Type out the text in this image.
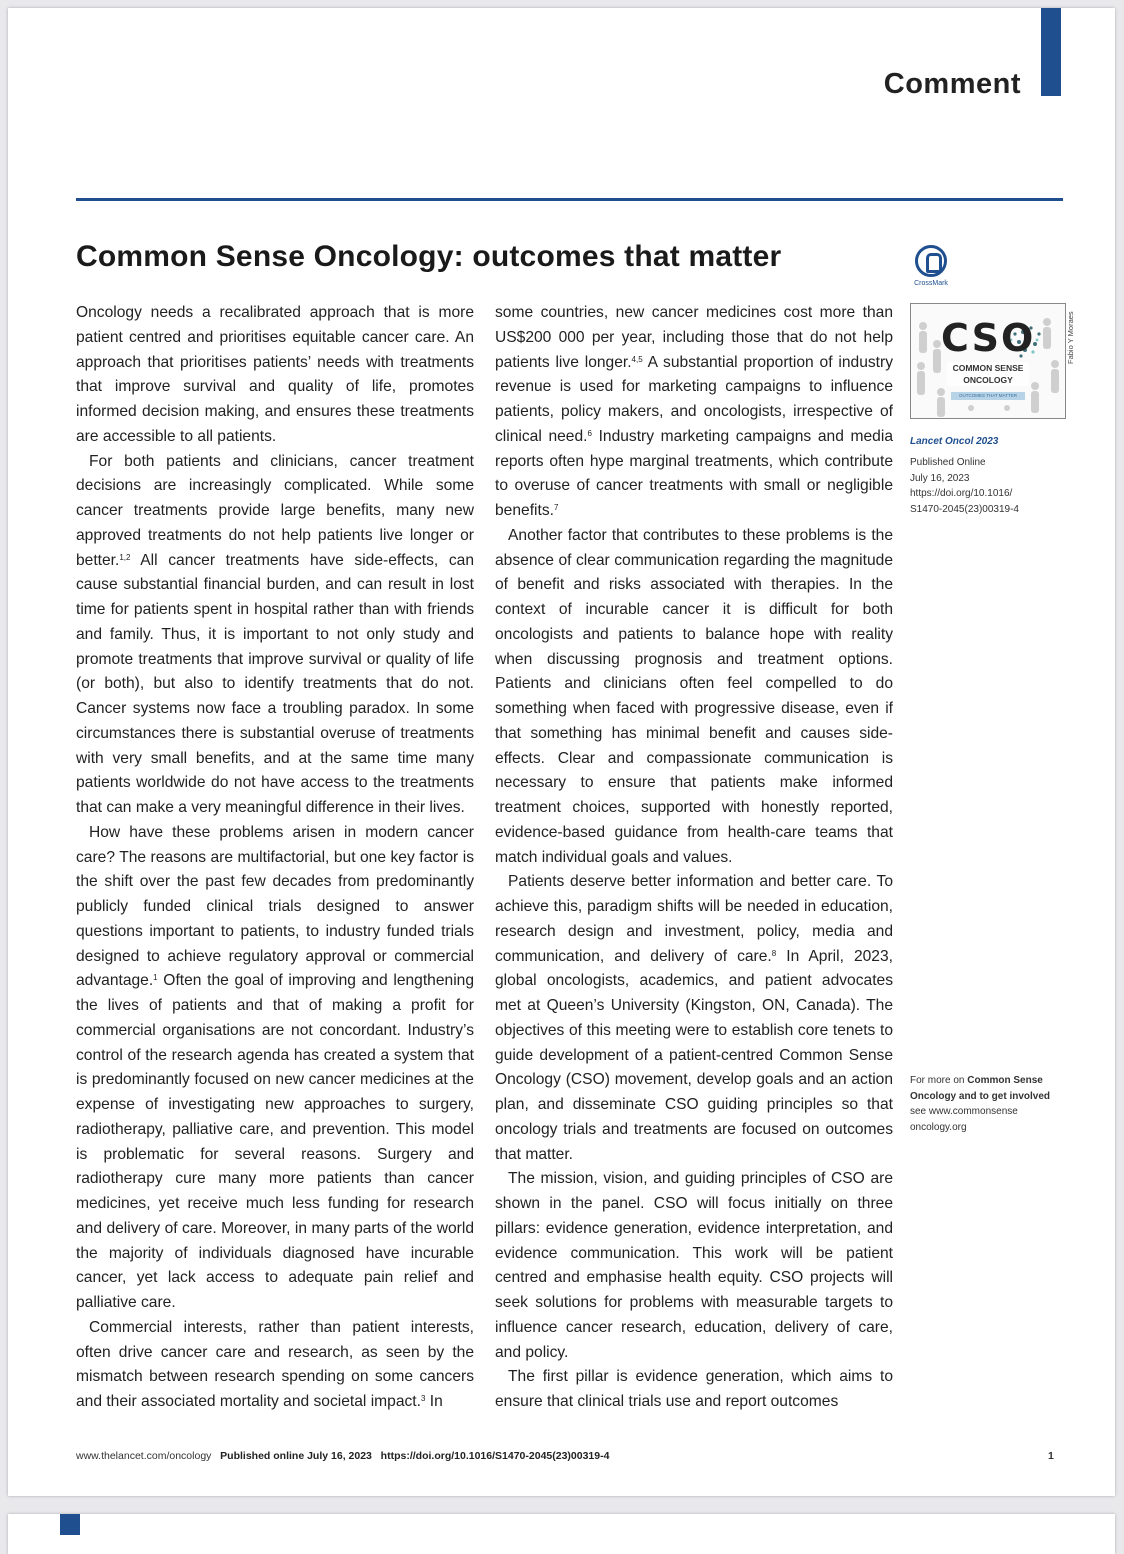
Comment
Common Sense Oncology: outcomes that matter

Oncology needs a recalibrated approach that is more patient centred and prioritises equitable cancer care. An approach that prioritises patients’ needs with treatments that improve survival and quality of life, promotes informed decision making, and ensures these treatments are accessible to all patients.

For both patients and clinicians, cancer treatment decisions are increasingly complicated. While some cancer treatments provide large benefits, many new approved treatments do not help patients live longer or better.$^{1,2}$ All cancer treatments have side-effects, can cause substantial financial burden, and can result in lost time for patients spent in hospital rather than with friends and family. Thus, it is important to not only study and promote treatments that improve survival or quality of life (or both), but also to identify treatments that do not. Cancer systems now face a troubling paradox. In some circumstances there is substantial overuse of treatments with very small benefits, and at the same time many patients worldwide do not have access to the treatments that can make a very meaningful difference in their lives.

How have these problems arisen in modern cancer care? The reasons are multifactorial, but one key factor is the shift over the past few decades from predominantly publicly funded clinical trials designed to answer questions important to patients, to industry funded trials designed to achieve regulatory approval or commercial advantage.$^1$ Often the goal of improving and lengthening the lives of patients and that of making a profit for commercial organisations are not concordant. Industry’s control of the research agenda has created a system that is predominantly focused on new cancer medicines at the expense of investigating new approaches to surgery, radiotherapy, palliative care, and prevention. This model is problematic for several reasons. Surgery and radiotherapy cure many more patients than cancer medicines, yet receive much less funding for research and delivery of care. Moreover, in many parts of the world the majority of individuals diagnosed have incurable cancer, yet lack access to adequate pain relief and palliative care.

Commercial interests, rather than patient interests, often drive cancer care and research, as seen by the mismatch between research spending on some cancers and their associated mortality and societal impact.$^3$ In

some countries, new cancer medicines cost more than US$200 000 per year, including those that do not help patients live longer.$^{4,5}$ A substantial proportion of industry revenue is used for marketing campaigns to influence patients, policy makers, and oncologists, irrespective of clinical need.$^6$ Industry marketing campaigns and media reports often hype marginal treatments, which contribute to overuse of cancer treatments with small or negligible benefits.$^7$

Another factor that contributes to these problems is the absence of clear communication regarding the magnitude of benefit and risks associated with therapies. In the context of incurable cancer it is difficult for both oncologists and patients to balance hope with reality when discussing prognosis and treatment options. Patients and clinicians often feel compelled to do something when faced with progressive disease, even if that something has minimal benefit and causes side-effects. Clear and compassionate communication is necessary to ensure that patients make informed treatment choices, supported with honestly reported, evidence-based guidance from health-care teams that match individual goals and values.

Patients deserve better information and better care. To achieve this, paradigm shifts will be needed in education, research design and investment, policy, media and communication, and delivery of care.$^8$ In April, 2023, global oncologists, academics, and patient advocates met at Queen’s University (Kingston, ON, Canada). The objectives of this meeting were to establish core tenets to guide development of a patient-centred Common Sense Oncology (CSO) movement, develop goals and an action plan, and disseminate CSO guiding principles so that oncology trials and treatments are focused on outcomes that matter.

The mission, vision, and guiding principles of CSO are shown in the panel. CSO will focus initially on three pillars: evidence generation, evidence interpretation, and evidence communication. This work will be patient centred and emphasise health equity. CSO projects will seek solutions for problems with measurable targets to influence cancer research, education, delivery of care, and policy.

The first pillar is evidence generation, which aims to ensure that clinical trials use and report outcomes

CrossMark
CSO
COMMON SENSE ONCOLOGY
OUTCOMES THAT MATTER
Fabio Y Moraes
Lancet Oncol 2023
Published Online
July 16, 2023
https://doi.org/10.1016/
S1470-2045(23)00319-4
For more on Common Sense Oncology and to get involved
see www.commonsense oncology.org
www.thelancet.com/oncology Published online July 16, 2023 https://doi.org/10.1016/S1470-2045(23)00319-4	1
